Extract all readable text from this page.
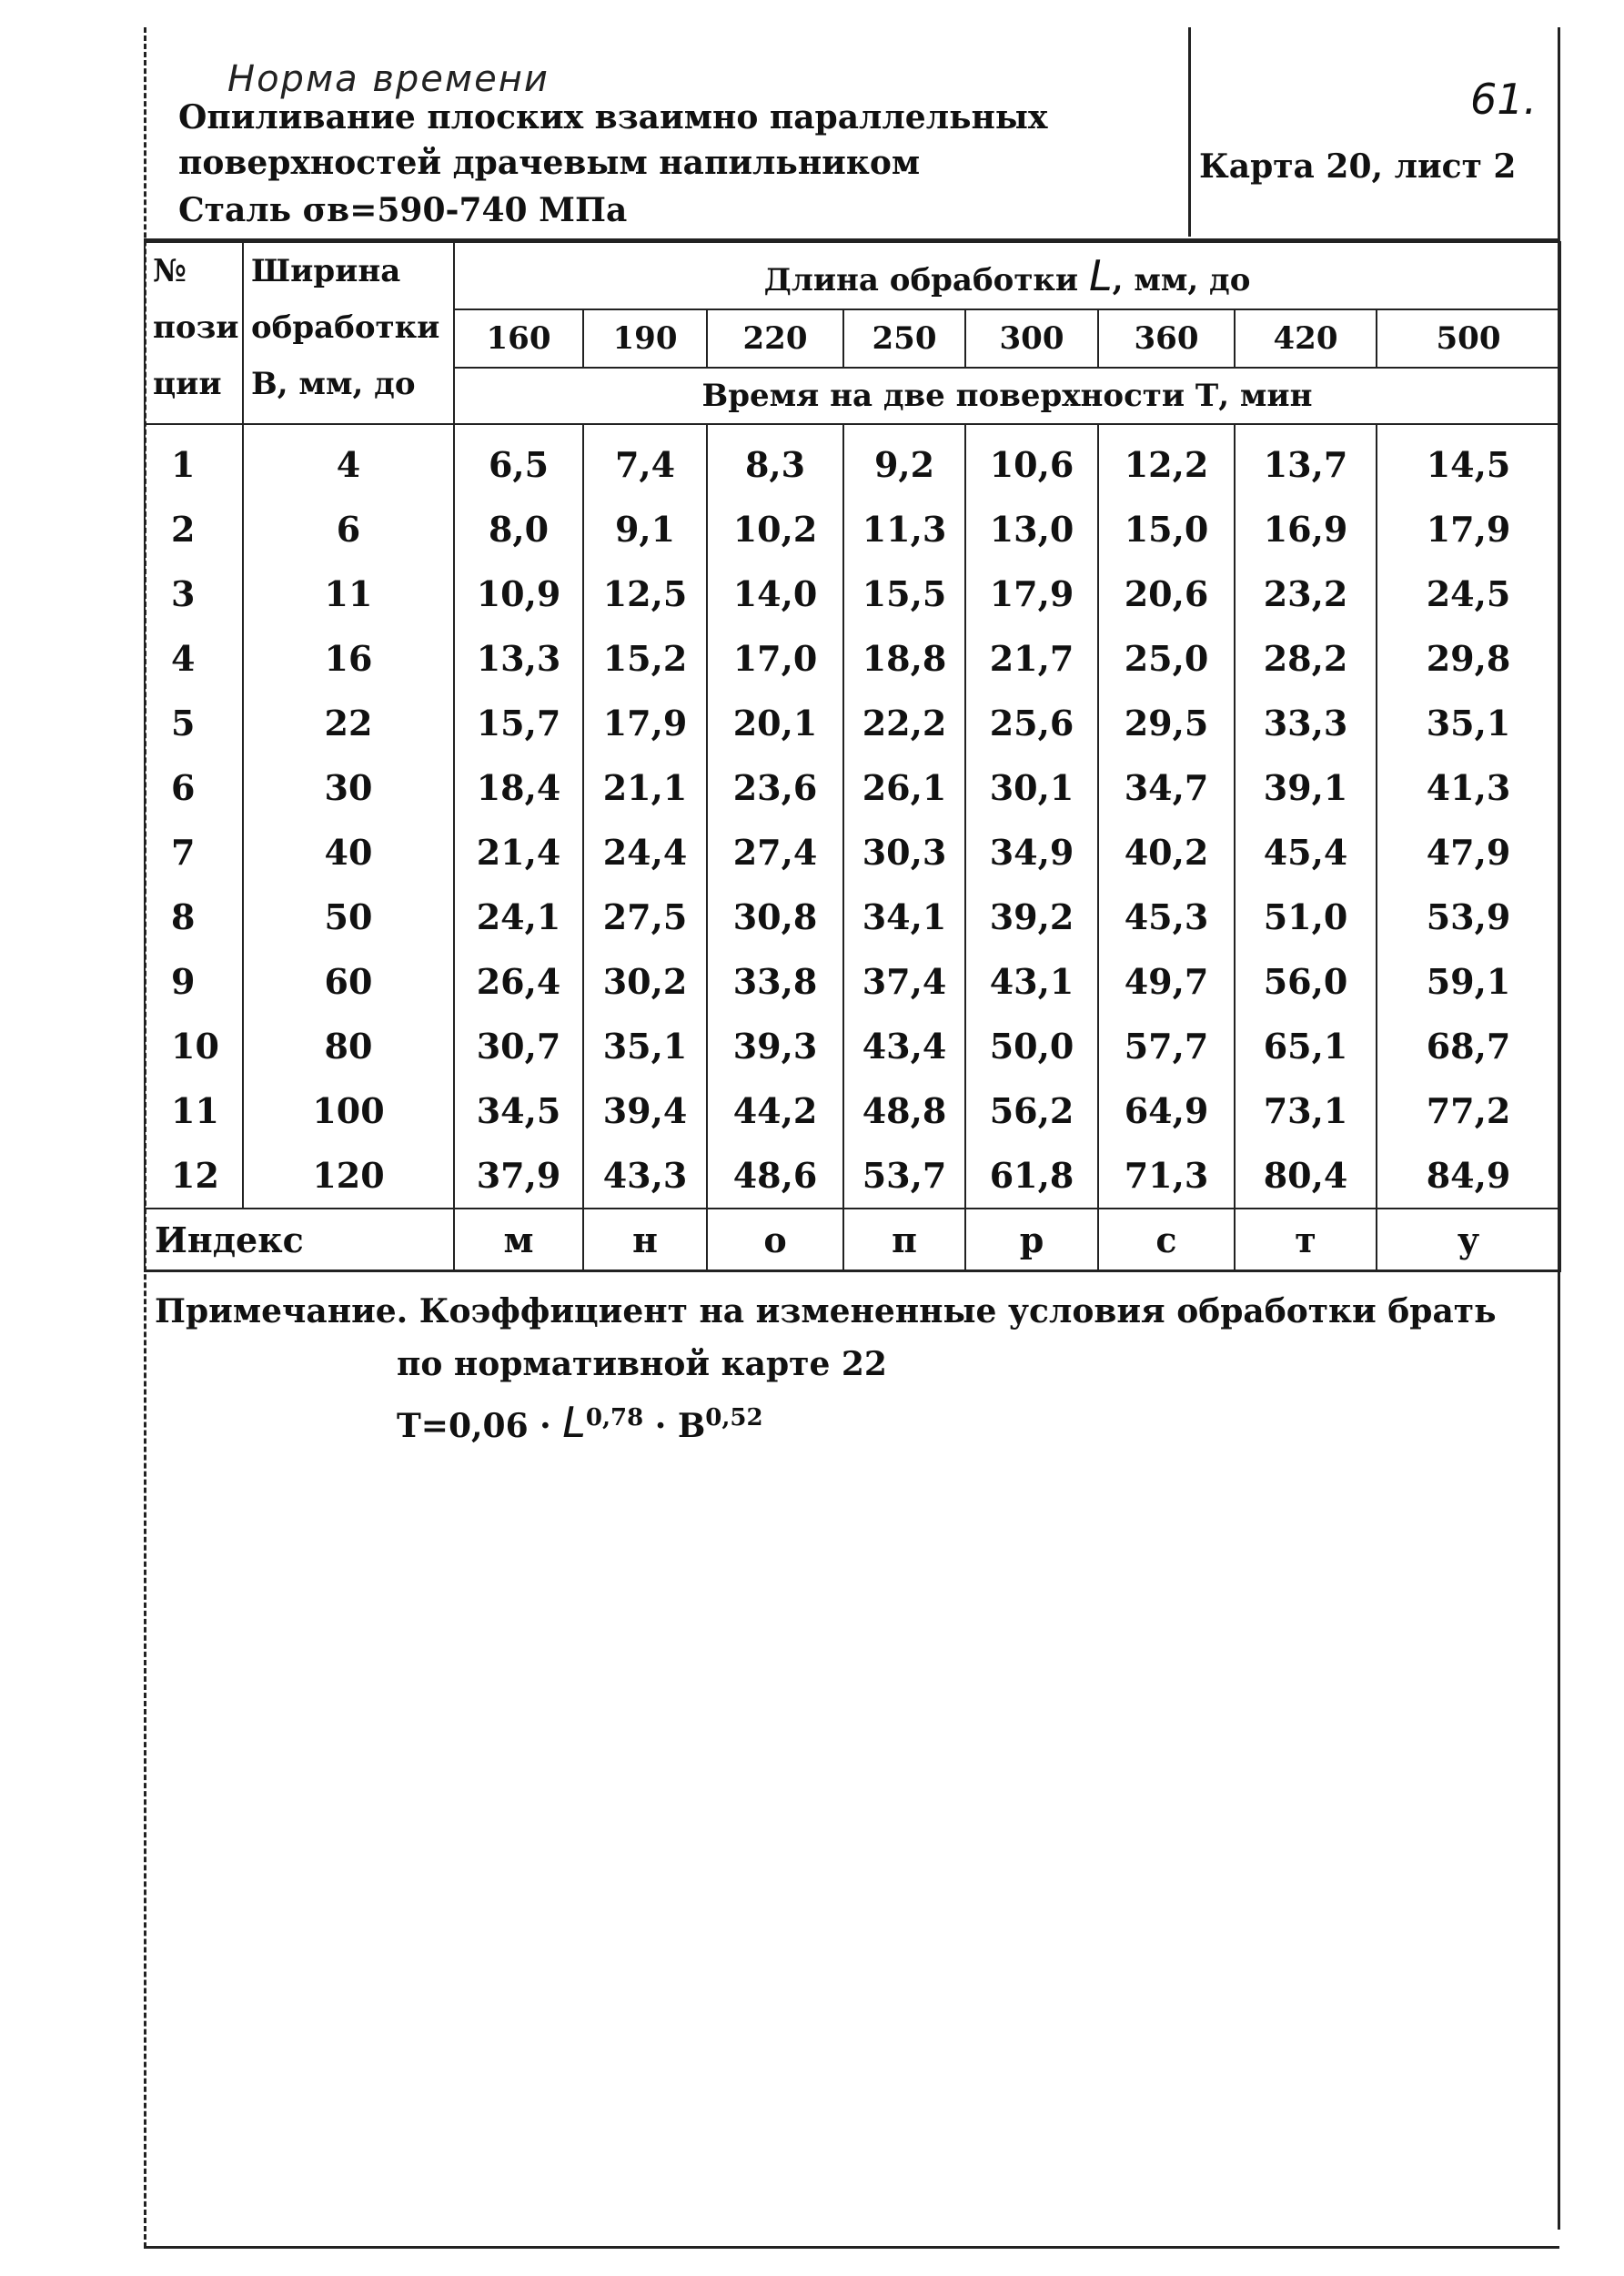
Норма времени
Опиливание плоских взаимно параллельных
поверхностей драчевым напильником
Сталь σв=590-740 МПа
61.
Карта 20, лист 2
№ пози ции	Ширина обработки В, мм, до	Длина обработки L, мм, до							
		160	190	220	250	300	360	420	500
		Время на две поверхности Т, мин							
1	4	6,5	7,4	8,3	9,2	10,6	12,2	13,7	14,5
2	6	8,0	9,1	10,2	11,3	13,0	15,0	16,9	17,9
3	11	10,9	12,5	14,0	15,5	17,9	20,6	23,2	24,5
4	16	13,3	15,2	17,0	18,8	21,7	25,0	28,2	29,8
5	22	15,7	17,9	20,1	22,2	25,6	29,5	33,3	35,1
6	30	18,4	21,1	23,6	26,1	30,1	34,7	39,1	41,3
7	40	21,4	24,4	27,4	30,3	34,9	40,2	45,4	47,9
8	50	24,1	27,5	30,8	34,1	39,2	45,3	51,0	53,9
9	60	26,4	30,2	33,8	37,4	43,1	49,7	56,0	59,1
10	80	30,7	35,1	39,3	43,4	50,0	57,7	65,1	68,7
11	100	34,5	39,4	44,2	48,8	56,2	64,9	73,1	77,2
12	120	37,9	43,3	48,6	53,7	61,8	71,3	80,4	84,9
Индекс		м	н	о	п	р	с	т	у
Примечание. Коэффициент на измененные условия обработки брать
по нормативной карте 22
Т=0,06 · L$^{0,78}$ · В$^{0,52}$
